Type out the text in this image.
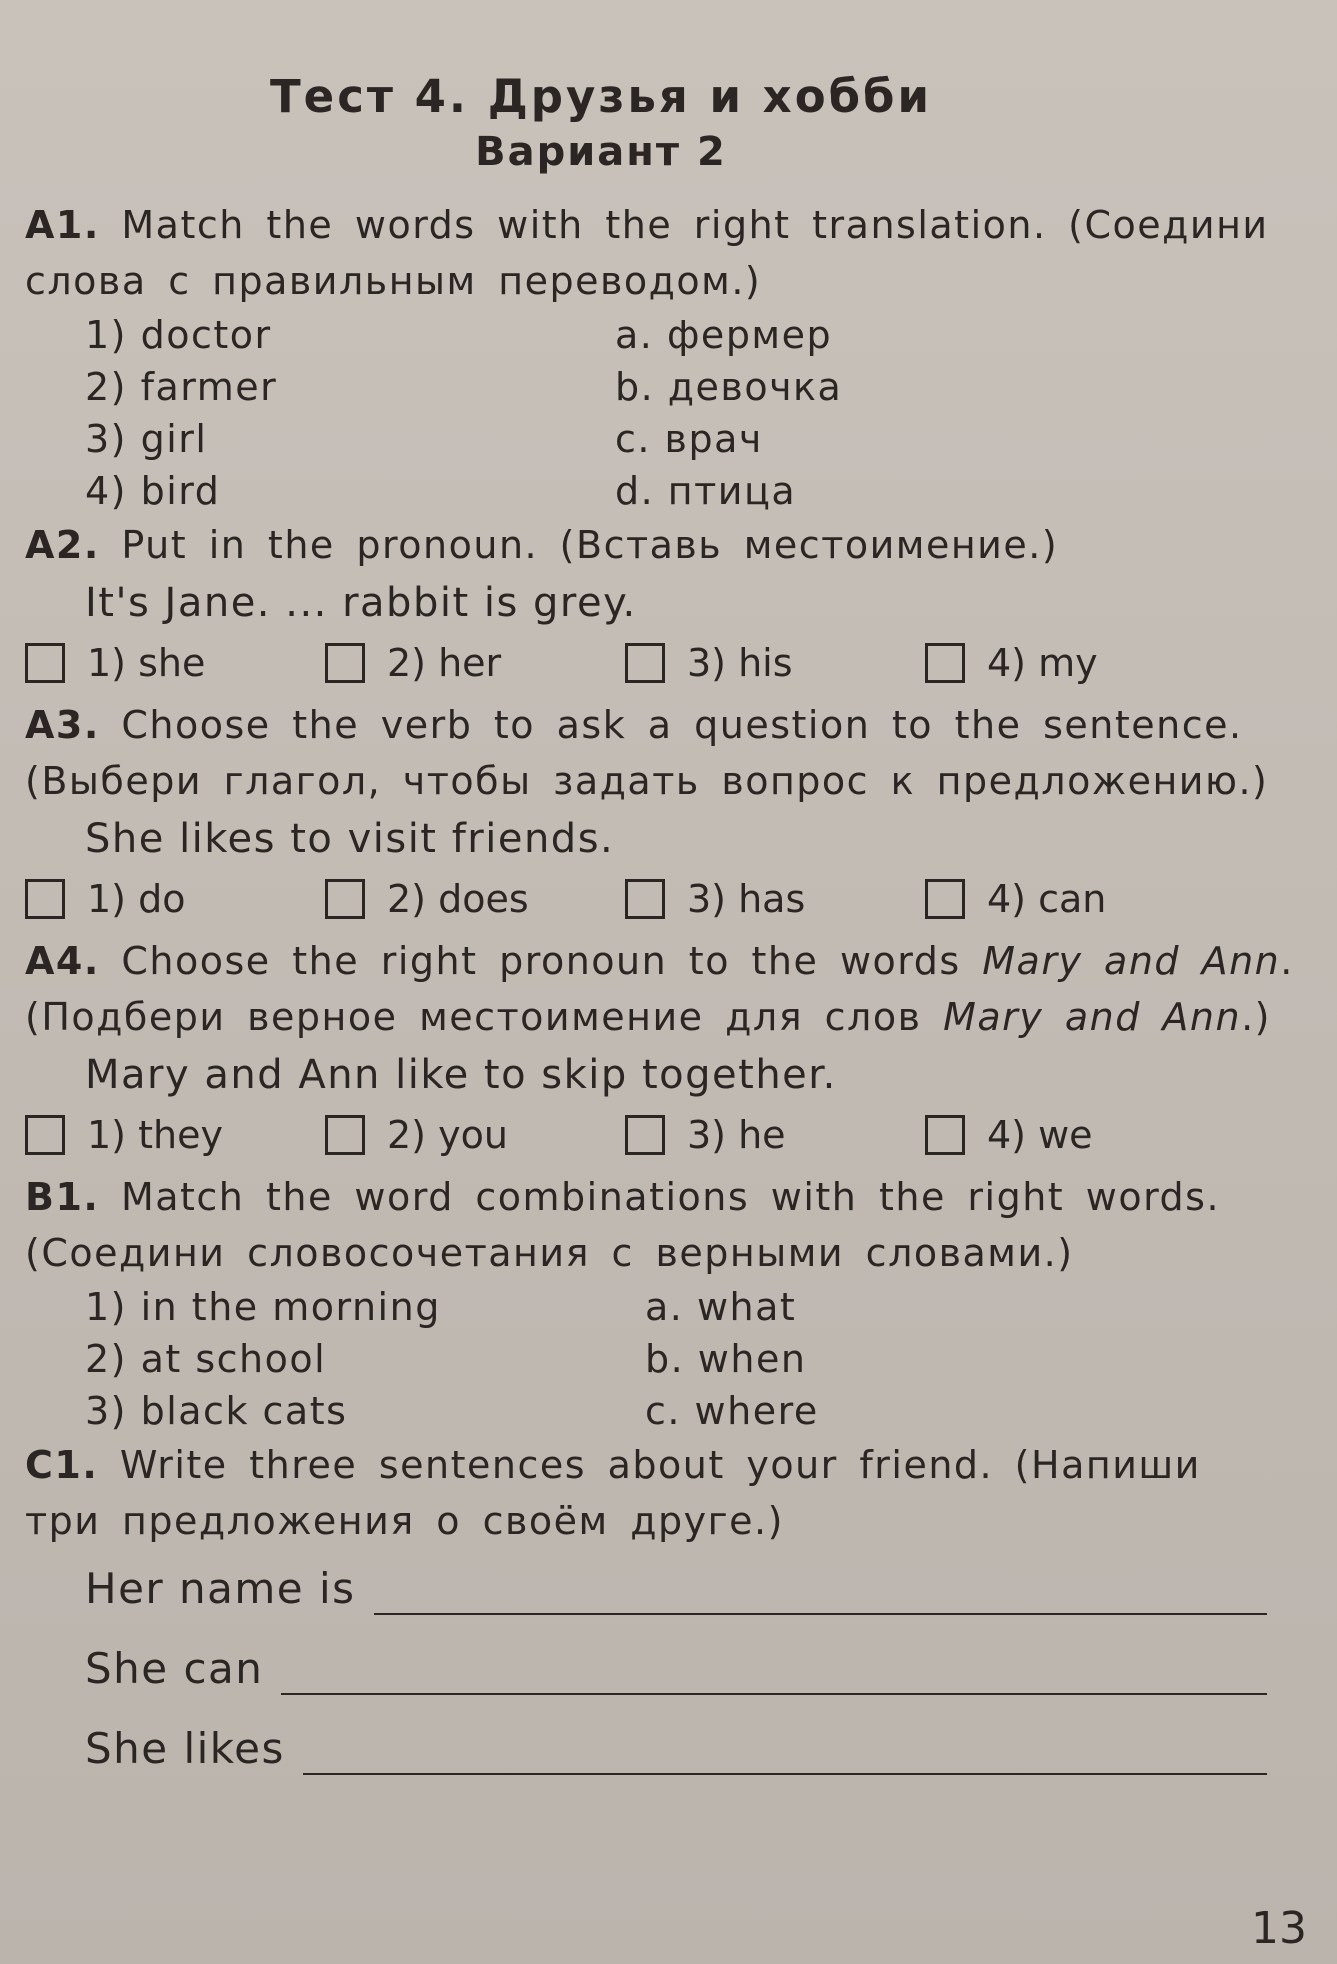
Тест 4. Друзья и хобби
Вариант 2
A1. Match the words with the right translation. (Соедини слова с правильным переводом.)
1) doctor	a. фермер
2) farmer	b. девочка
3) girl	c. врач
4) bird	d. птица
A2. Put in the pronoun. (Вставь местоимение.)
It's Jane. ... rabbit is grey.
1) she	2) her	3) his	4) my
A3. Choose the verb to ask a question to the sentence. (Выбери глагол, чтобы задать вопрос к предложению.)
She likes to visit friends.
1) do	2) does	3) has	4) can
A4. Choose the right pronoun to the words Mary and Ann. (Подбери верное местоимение для слов Mary and Ann.)
Mary and Ann like to skip together.
1) they	2) you	3) he	4) we
B1. Match the word combinations with the right words. (Соедини словосочетания с верными словами.)
1) in the morning	a. what
2) at school	b. when
3) black cats	c. where
C1. Write three sentences about your friend. (Напиши три предложения о своём друге.)
Her name is
She can
She likes
13
